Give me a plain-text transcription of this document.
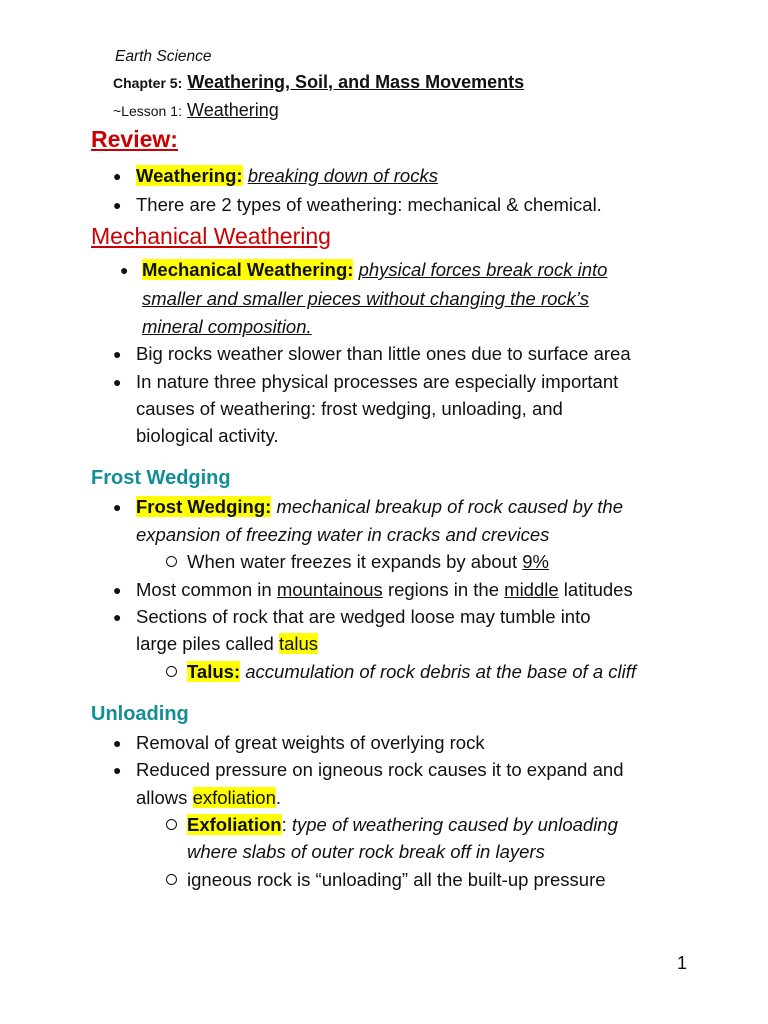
Earth Science
Chapter 5: Weathering, Soil, and Mass Movements
~Lesson 1: Weathering
Review:
● Weathering: breaking down of rocks
● There are 2 types of weathering: mechanical & chemical.
Mechanical Weathering
● Mechanical Weathering: physical forces break rock into
smaller and smaller pieces without changing the rock’s
mineral composition.
● Big rocks weather slower than little ones due to surface area
● In nature three physical processes are especially important
causes of weathering: frost wedging, unloading, and
biological activity.
Frost Wedging
● Frost Wedging: mechanical breakup of rock caused by the
expansion of freezing water in cracks and crevices
When water freezes it expands by about 9%
● Most common in mountainous regions in the middle latitudes
● Sections of rock that are wedged loose may tumble into
large piles called talus
Talus: accumulation of rock debris at the base of a cliff
Unloading
● Removal of great weights of overlying rock
● Reduced pressure on igneous rock causes it to expand and
allows exfoliation.
Exfoliation: type of weathering caused by unloading
where slabs of outer rock break off in layers
igneous rock is “unloading” all the built-up pressure
1
